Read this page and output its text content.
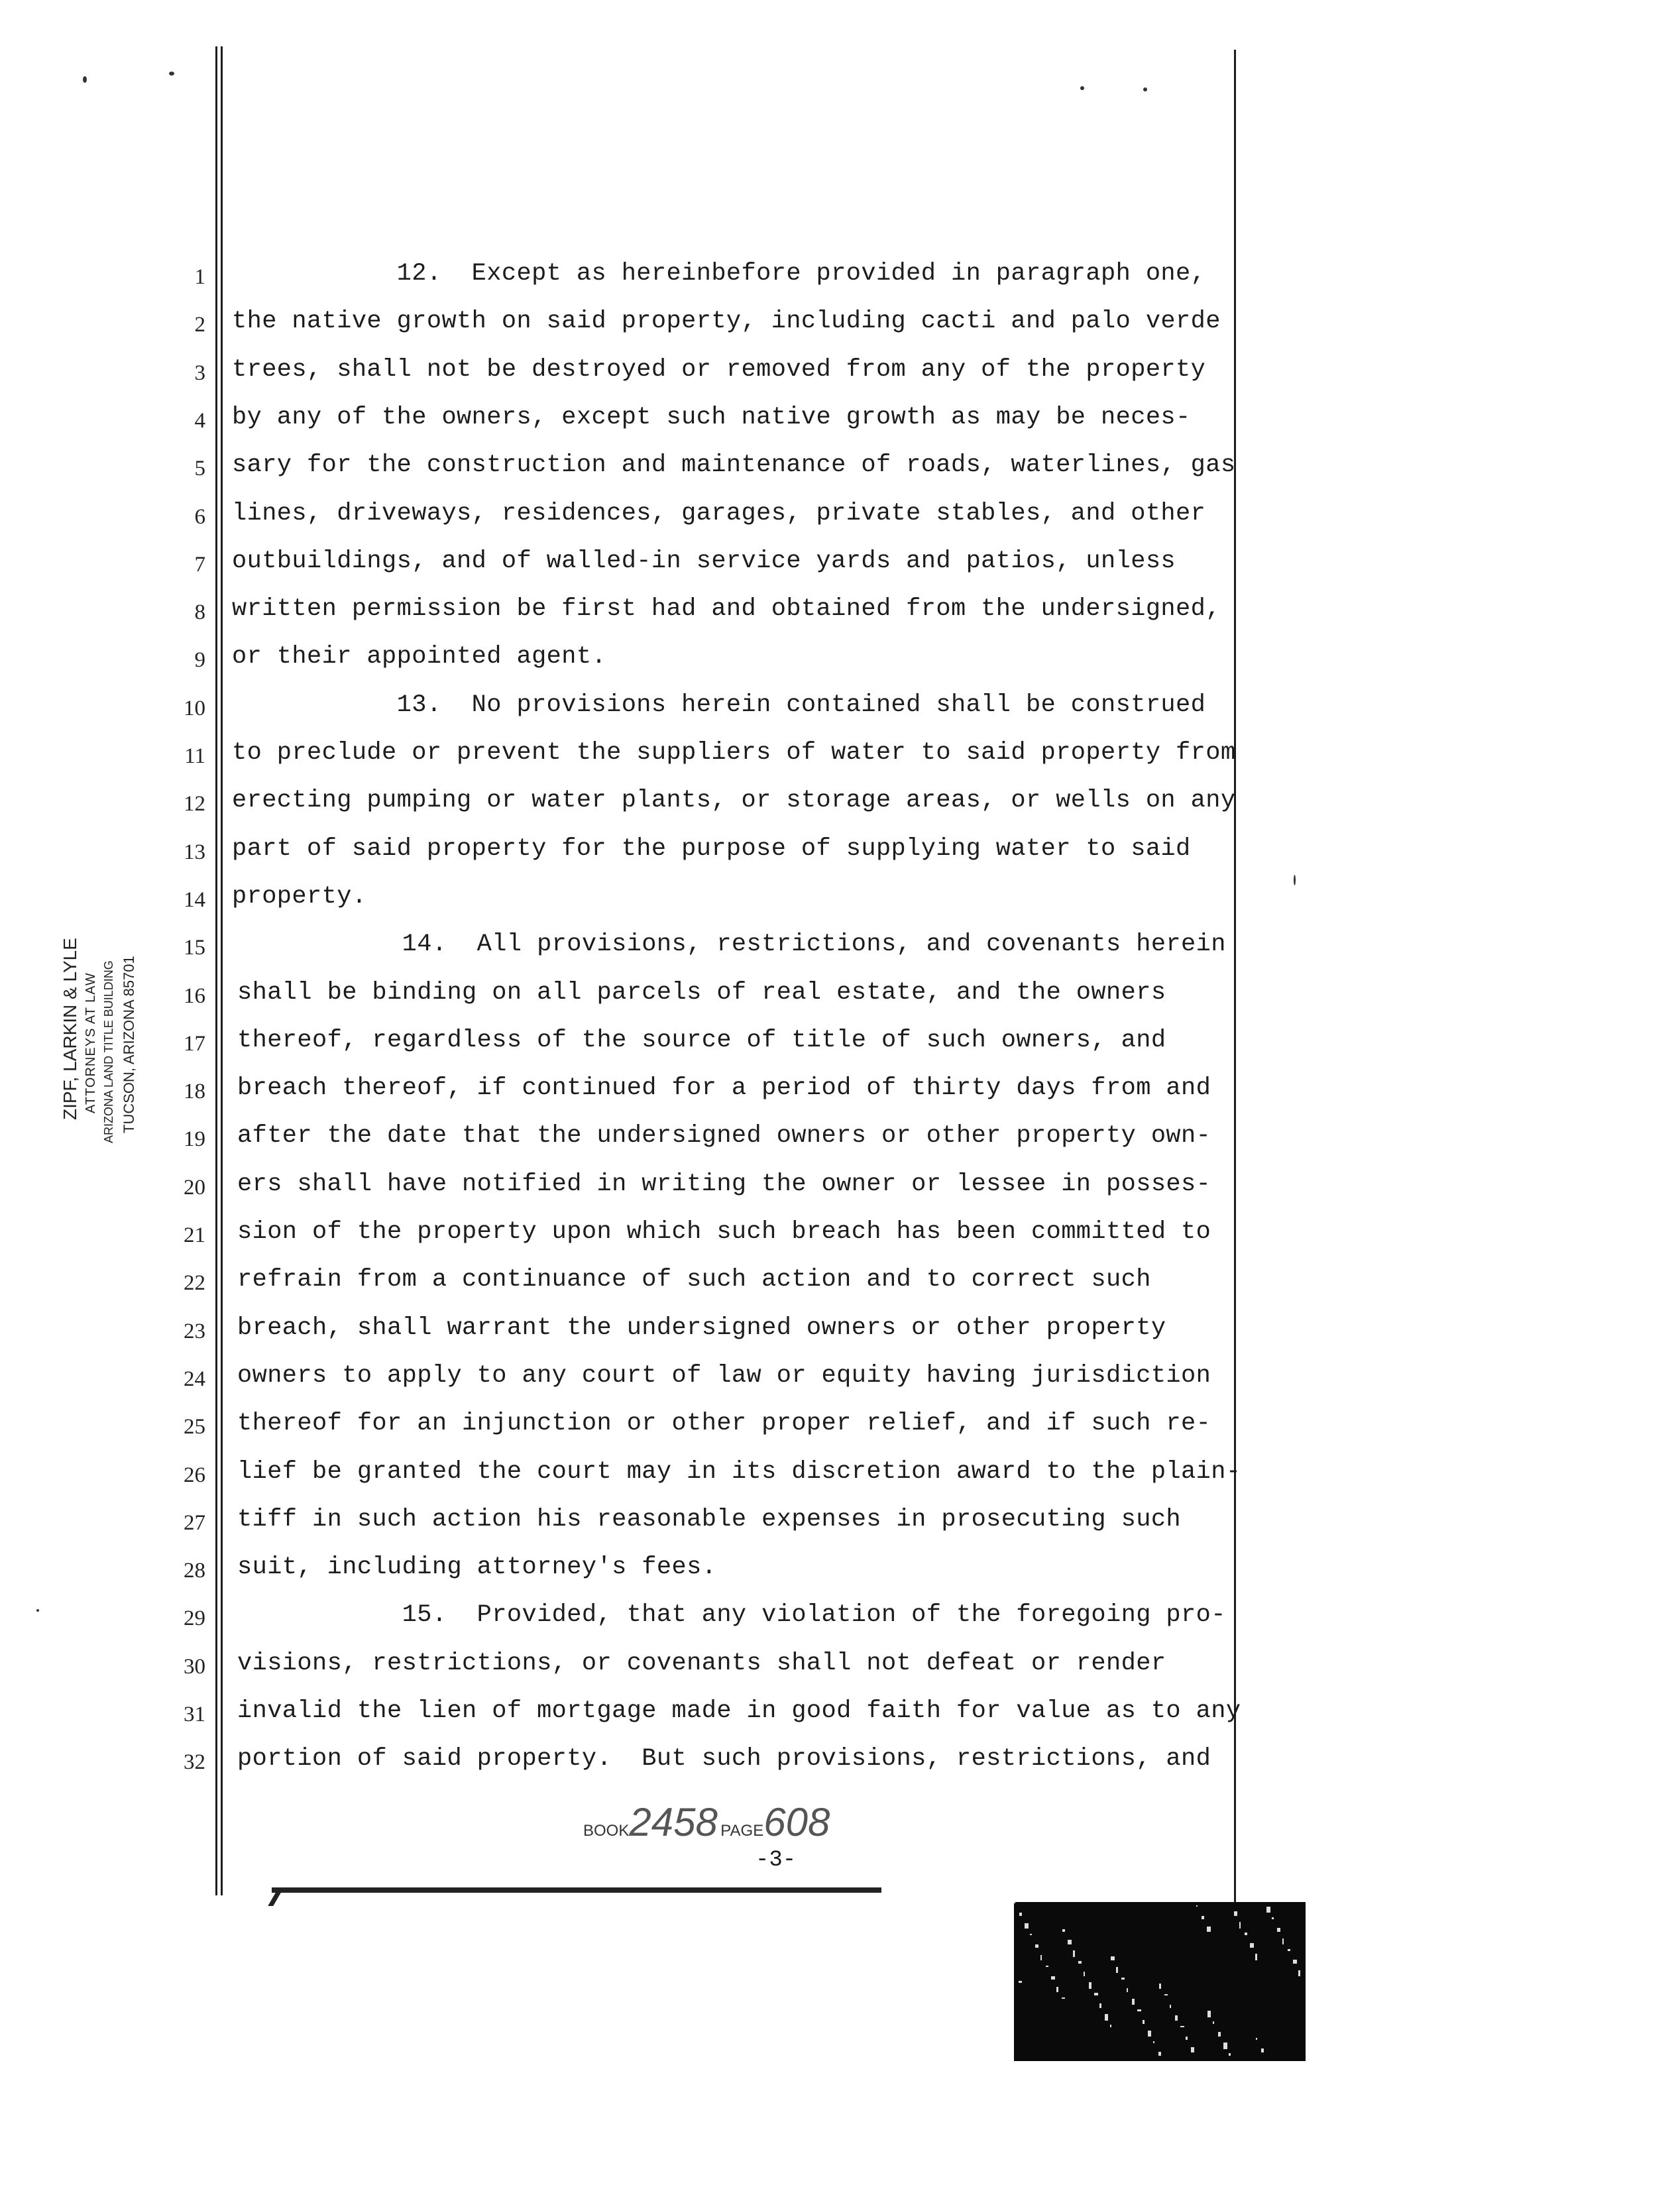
ZIPF, LARKIN & LYLE ATTORNEYS AT LAW ARIZONA LAND TITLE BUILDING TUCSON, ARIZONA 85701
1
2
3
4
5
6
7
8
9
10
11
12
13
14
15
16
17
18
19
20
21
22
23
24
25
26
27
28
29
30
31
32
12.  Except as hereinbefore provided in paragraph one,
the native growth on said property, including cacti and palo verde
trees, shall not be destroyed or removed from any of the property
by any of the owners, except such native growth as may be neces-
sary for the construction and maintenance of roads, waterlines, gas
lines, driveways, residences, garages, private stables, and other
outbuildings, and of walled-in service yards and patios, unless
written permission be first had and obtained from the undersigned,
or their appointed agent.
13.  No provisions herein contained shall be construed
to preclude or prevent the suppliers of water to said property from
erecting pumping or water plants, or storage areas, or wells on any
part of said property for the purpose of supplying water to said
property.
14.  All provisions, restrictions, and covenants herein
shall be binding on all parcels of real estate, and the owners
thereof, regardless of the source of title of such owners, and
breach thereof, if continued for a period of thirty days from and
after the date that the undersigned owners or other property own-
ers shall have notified in writing the owner or lessee in posses-
sion of the property upon which such breach has been committed to
refrain from a continuance of such action and to correct such
breach, shall warrant the undersigned owners or other property
owners to apply to any court of law or equity having jurisdiction
thereof for an injunction or other proper relief, and if such re-
lief be granted the court may in its discretion award to the plain-
tiff in such action his reasonable expenses in prosecuting such
suit, including attorney's fees.
15.  Provided, that any violation of the foregoing pro-
visions, restrictions, or covenants shall not defeat or render
invalid the lien of mortgage made in good faith for value as to any
portion of said property.  But such provisions, restrictions, and
BOOK2458 PAGE608
-3-
